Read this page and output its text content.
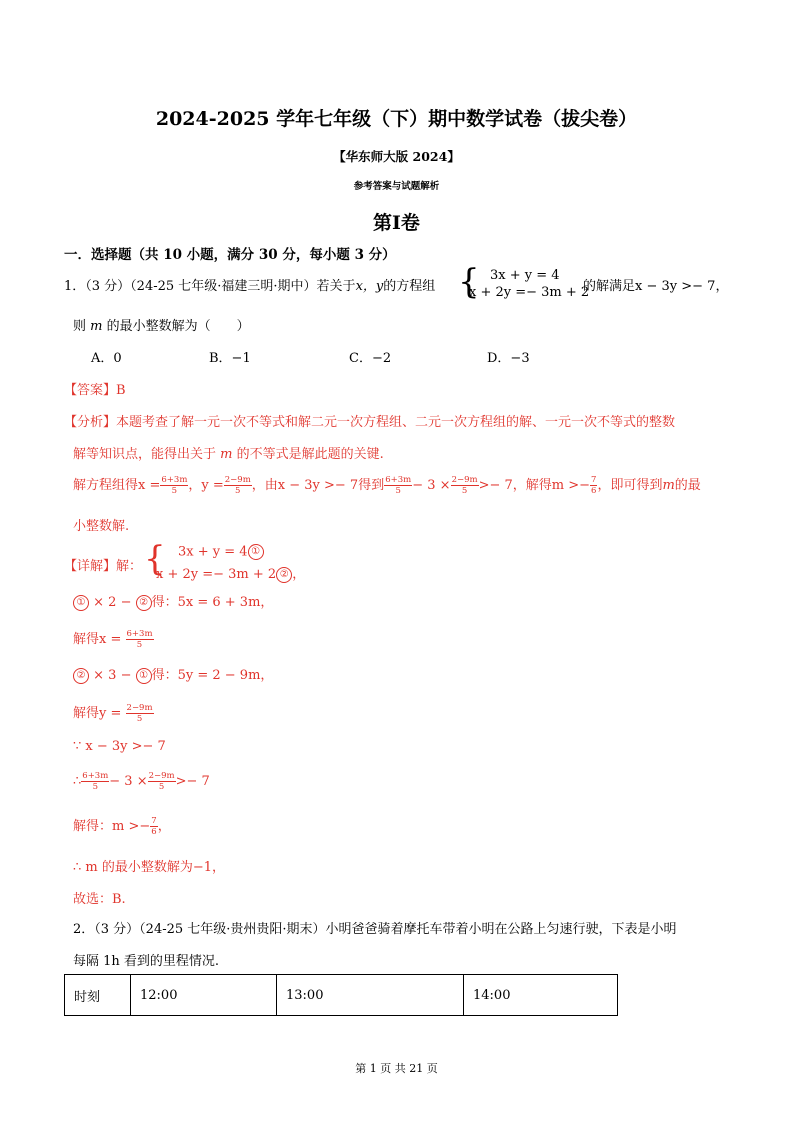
2024-2025 学年七年级（下）期中数学试卷（拔尖卷）
【华东师大版 2024】
参考答案与试题解析
第Ⅰ卷
一．选择题（共 10 小题，满分 30 分，每小题 3 分）
1．（3 分）（24-25 七年级·福建三明·期中）若关于x，y的方程组 { 3x + y = 4
x + 2y =− 3m + 2
的解满足x − 3y >− 7，
则 m 的最小整数解为（　　）
A．0	B．−1	C．−2	D．−3
【答案】B
【分析】本题考查了解一元一次不等式和解二元一次方程组、二元一次方程组的解、一元一次不等式的整数
解等知识点，能得出关于 m 的不等式是解此题的关键.
解方程组得$x = \frac{6+3m}{5}$ ，$y = \frac{2-9m}{5}$ ，由x − 3y >− 7得到 $\frac{6+3m}{5} - 3 \times \frac{2-9m}{5} >- 7$，解得$m >- \frac{7}{6}$ ，即可得到m的最
小整数解.
【详解】解： { 3x + y = 4 ①
x + 2y =− 3m + 2 ② ，
① × 2 − ② 得：5x = 6 + 3m，
解得$x = \frac{6+3m}{5}$
② × 3 − ① 得：5y = 2 − 9m，
解得$y = \frac{2-9m}{5}$
∵ x − 3y >− 7
∴ $\frac{6+3m}{5} - 3 \times \frac{2-9m}{5} >- 7$
解得：$m >- \frac{7}{6}$ ，
∴ m 的最小整数解为−1，
故选：B.
2．（3 分）（24-25 七年级·贵州贵阳·期末）小明爸爸骑着摩托车带着小明在公路上匀速行驶，下表是小明
每隔 1h 看到的里程情况.
时刻	12:00	13:00	14:00
第 1 页 共 21 页
